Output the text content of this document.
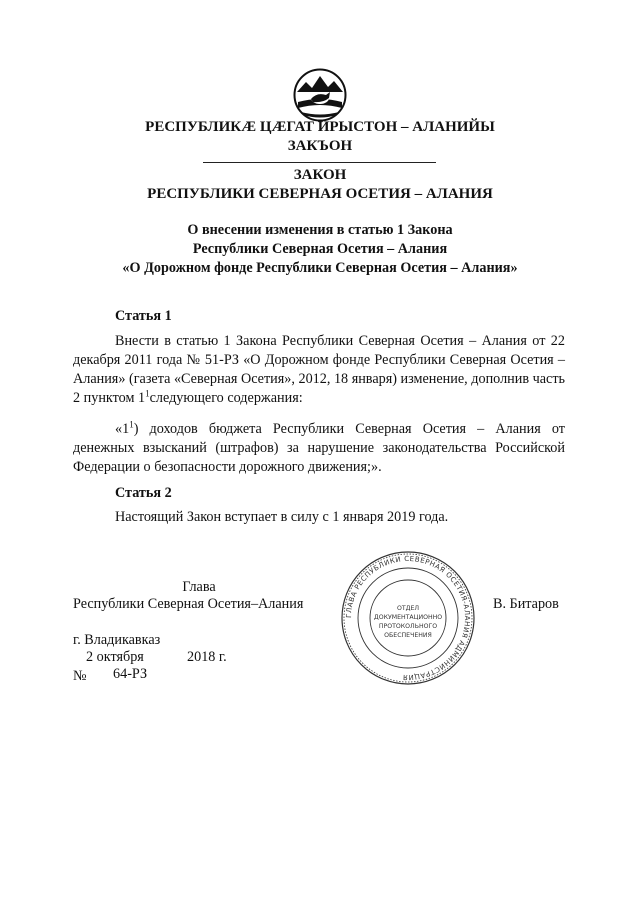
РЕСПУБЛИКӔ ЦӔГАТ ИРЫСТОН – АЛАНИЙЫ
ЗАКЪОН
ЗАКОН
РЕСПУБЛИКИ СЕВЕРНАЯ ОСЕТИЯ – АЛАНИЯ
О внесении изменения в статью 1 Закона
Республики Северная Осетия – Алания
«О Дорожном фонде Республики Северная Осетия – Алания»
Статья 1
Внести в статью 1 Закона Республики Северная Осетия – Алания от 22 декабря 2011 года № 51-РЗ «О Дорожном фонде Республики Северная Осетия – Алания» (газета «Северная Осетия», 2012, 18 января) изменение, дополнив часть 2 пунктом $1^1следующего$ содержания:
«$1^1$) доходов бюджета Республики Северная Осетия – Алания от денежных взысканий (штрафов) за нарушение законодательства Российской Федерации о безопасности дорожного движения;».
Статья 2
Настоящий Закон вступает в силу с 1 января 2019 года.
Глава
Республики Северная Осетия–Алания	В. Битаров
ГЛАВА РЕСПУБЛИКИ СЕВЕРНАЯ ОСЕТИЯ-АЛАНИЯ АДМИНИСТРАЦИЯ
ОТДЕЛ
ДОКУМЕНТАЦИОННО
ПРОТОКОЛЬНОГО
ОБЕСПЕЧЕНИЯ
г. Владикавказ
2 октября	2018 г.
№ 64-РЗ
